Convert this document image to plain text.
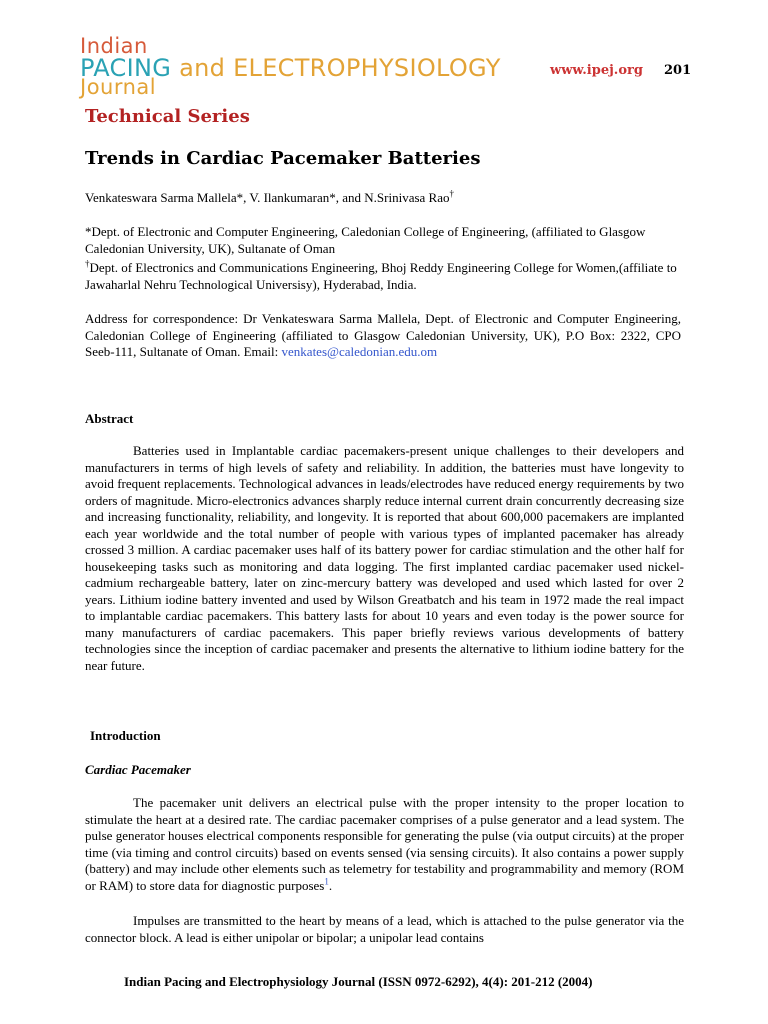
Indian
PACING and ELECTROPHYSIOLOGY
Journal
www.ipej.org 201
Technical Series
Trends in Cardiac Pacemaker Batteries
Venkateswara Sarma Mallela*, V. Ilankumaran*, and N.Srinivasa Rao†
*Dept. of Electronic and Computer Engineering, Caledonian College of Engineering, (affiliated to Glasgow Caledonian University, UK), Sultanate of Oman
†Dept. of Electronics and Communications Engineering, Bhoj Reddy Engineering College for Women,(affiliate to Jawaharlal Nehru Technological Universisy), Hyderabad, India.
Address for correspondence: Dr Venkateswara Sarma Mallela, Dept. of Electronic and Computer Engineering, Caledonian College of Engineering (affiliated to Glasgow Caledonian University, UK), P.O Box: 2322, CPO Seeb-111, Sultanate of Oman. Email: venkates@caledonian.edu.om
Abstract
Batteries used in Implantable cardiac pacemakers-present unique challenges to their developers and manufacturers in terms of high levels of safety and reliability. In addition, the batteries must have longevity to avoid frequent replacements. Technological advances in leads/electrodes have reduced energy requirements by two orders of magnitude. Micro-electronics advances sharply reduce internal current drain concurrently decreasing size and increasing functionality, reliability, and longevity. It is reported that about 600,000 pacemakers are implanted each year worldwide and the total number of people with various types of implanted pacemaker has already crossed 3 million. A cardiac pacemaker uses half of its battery power for cardiac stimulation and the other half for housekeeping tasks such as monitoring and data logging. The first implanted cardiac pacemaker used nickel-cadmium rechargeable battery, later on zinc-mercury battery was developed and used which lasted for over 2 years. Lithium iodine battery invented and used by Wilson Greatbatch and his team in 1972 made the real impact to implantable cardiac pacemakers. This battery lasts for about 10 years and even today is the power source for many manufacturers of cardiac pacemakers. This paper briefly reviews various developments of battery technologies since the inception of cardiac pacemaker and presents the alternative to lithium iodine battery for the near future.
Introduction
Cardiac Pacemaker
The pacemaker unit delivers an electrical pulse with the proper intensity to the proper location to stimulate the heart at a desired rate. The cardiac pacemaker comprises of a pulse generator and a lead system. The pulse generator houses electrical components responsible for generating the pulse (via output circuits) at the proper time (via timing and control circuits) based on events sensed (via sensing circuits). It also contains a power supply (battery) and may include other elements such as telemetry for testability and programmability and memory (ROM or RAM) to store data for diagnostic purposes$^1$.
Impulses are transmitted to the heart by means of a lead, which is attached to the pulse generator via the connector block. A lead is either unipolar or bipolar; a unipolar lead contains
Indian Pacing and Electrophysiology Journal (ISSN 0972-6292), 4(4): 201-212 (2004)
